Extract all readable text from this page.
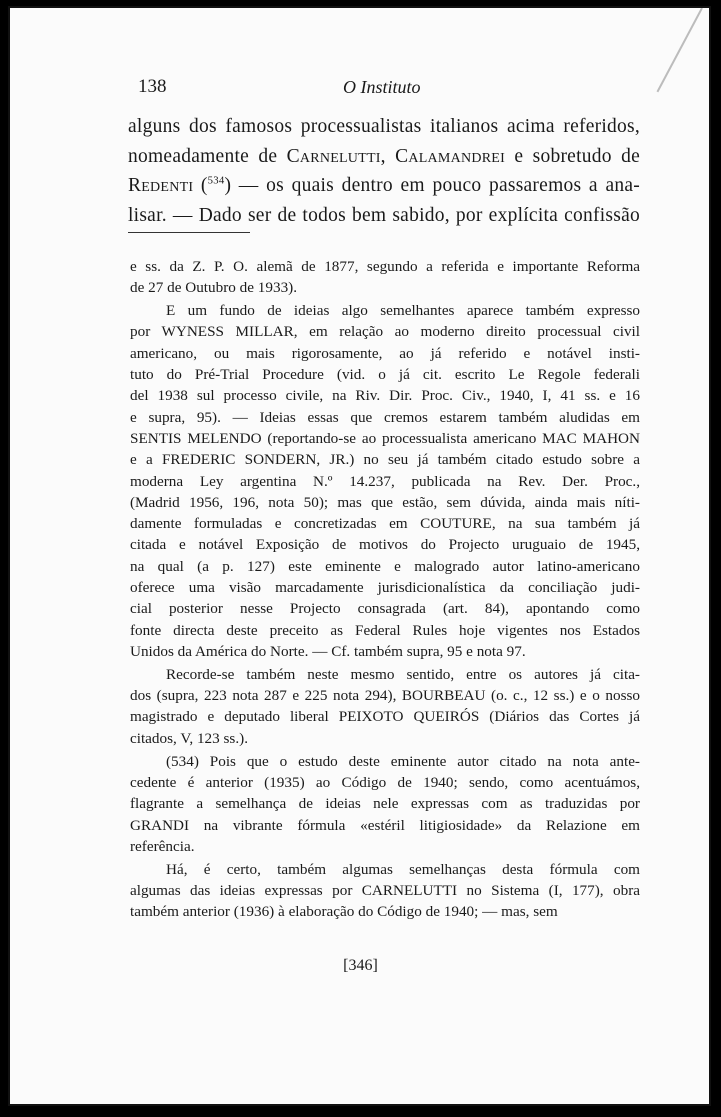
138	O Instituto
alguns dos famosos processualistas italianos acima referidos,
nomeadamente de Carnelutti, Calamandrei e sobretudo de
Redenti ($^{534}$) — os quais dentro em pouco passaremos a ana-
lisar. — Dado ser de todos bem sabido, por explícita confissão
e ss. da Z. P. O. alemã de 1877, segundo a referida e importante Reforma
de 27 de Outubro de 1933).
E um fundo de ideias algo semelhantes aparece também expresso
por WYNESS MILLAR, em relação ao moderno direito processual civil
americano, ou mais rigorosamente, ao já referido e notável insti-
tuto do Pré-Trial Procedure (vid. o já cit. escrito Le Regole federali
del 1938 sul processo civile, na Riv. Dir. Proc. Civ., 1940, I, 41 ss. e 16
e supra, 95). — Ideias essas que cremos estarem também aludidas em
SENTIS MELENDO (reportando-se ao processualista americano MAC MAHON
e a FREDERIC SONDERN, JR.) no seu já também citado estudo sobre a
moderna Ley argentina N.º 14.237, publicada na Rev. Der. Proc.,
(Madrid 1956, 196, nota 50); mas que estão, sem dúvida, ainda mais níti-
damente formuladas e concretizadas em COUTURE, na sua também já
citada e notável Exposição de motivos do Projecto uruguaio de 1945,
na qual (a p. 127) este eminente e malogrado autor latino-americano
oferece uma visão marcadamente jurisdicionalística da conciliação judi-
cial posterior nesse Projecto consagrada (art. 84), apontando como
fonte directa deste preceito as Federal Rules hoje vigentes nos Estados
Unidos da América do Norte. — Cf. também supra, 95 e nota 97.
Recorde-se também neste mesmo sentido, entre os autores já cita-
dos (supra, 223 nota 287 e 225 nota 294), BOURBEAU (o. c., 12 ss.) e o nosso
magistrado e deputado liberal PEIXOTO QUEIRÓS (Diários das Cortes já
citados, V, 123 ss.).
(534) Pois que o estudo deste eminente autor citado na nota ante-
cedente é anterior (1935) ao Código de 1940; sendo, como acentuámos,
flagrante a semelhança de ideias nele expressas com as traduzidas por
GRANDI na vibrante fórmula «estéril litigiosidade» da Relazione em
referência.
Há, é certo, também algumas semelhanças desta fórmula com
algumas das ideias expressas por CARNELUTTI no Sistema (I, 177), obra
também anterior (1936) à elaboração do Código de 1940; — mas, sem
[346]
